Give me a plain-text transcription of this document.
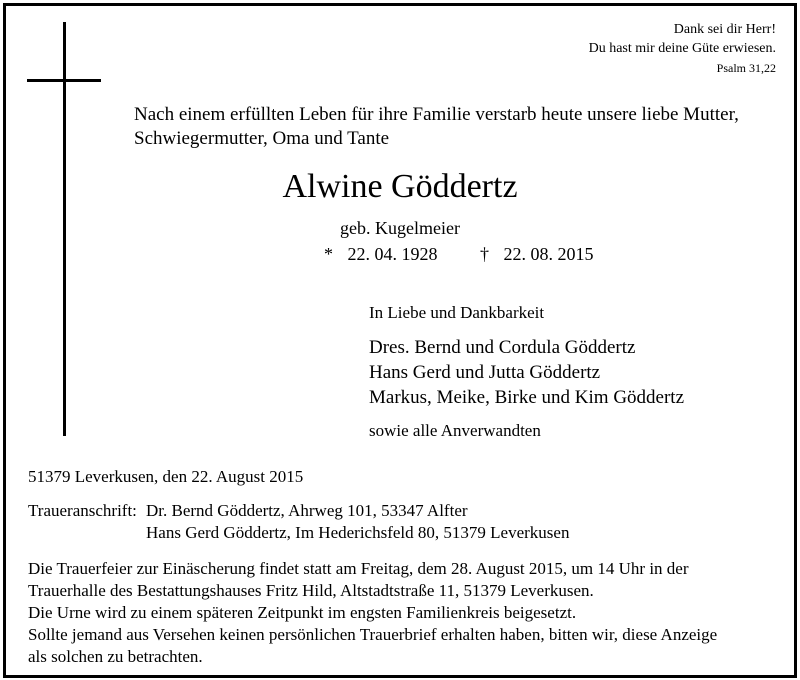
Dank sei dir Herr!
Du hast mir deine Güte erwiesen.
Psalm 31,22
Nach einem erfüllten Leben für ihre Familie verstarb heute unsere liebe Mutter,
Schwiegermutter, Oma und Tante
Alwine Göddertz
geb. Kugelmeier
* 22. 04. 1928 † 22. 08. 2015
In Liebe und Dankbarkeit
Dres. Bernd und Cordula Göddertz
Hans Gerd und Jutta Göddertz
Markus, Meike, Birke und Kim Göddertz
sowie alle Anverwandten
51379 Leverkusen, den 22. August 2015
Traueranschrift: Dr. Bernd Göddertz, Ahrweg 101, 53347 Alfter
Hans Gerd Göddertz, Im Hederichsfeld 80, 51379 Leverkusen
Die Trauerfeier zur Einäscherung findet statt am Freitag, dem 28. August 2015, um 14 Uhr in der
Trauerhalle des Bestattungshauses Fritz Hild, Altstadtstraße 11, 51379 Leverkusen.
Die Urne wird zu einem späteren Zeitpunkt im engsten Familienkreis beigesetzt.
Sollte jemand aus Versehen keinen persönlichen Trauerbrief erhalten haben, bitten wir, diese Anzeige
als solchen zu betrachten.
